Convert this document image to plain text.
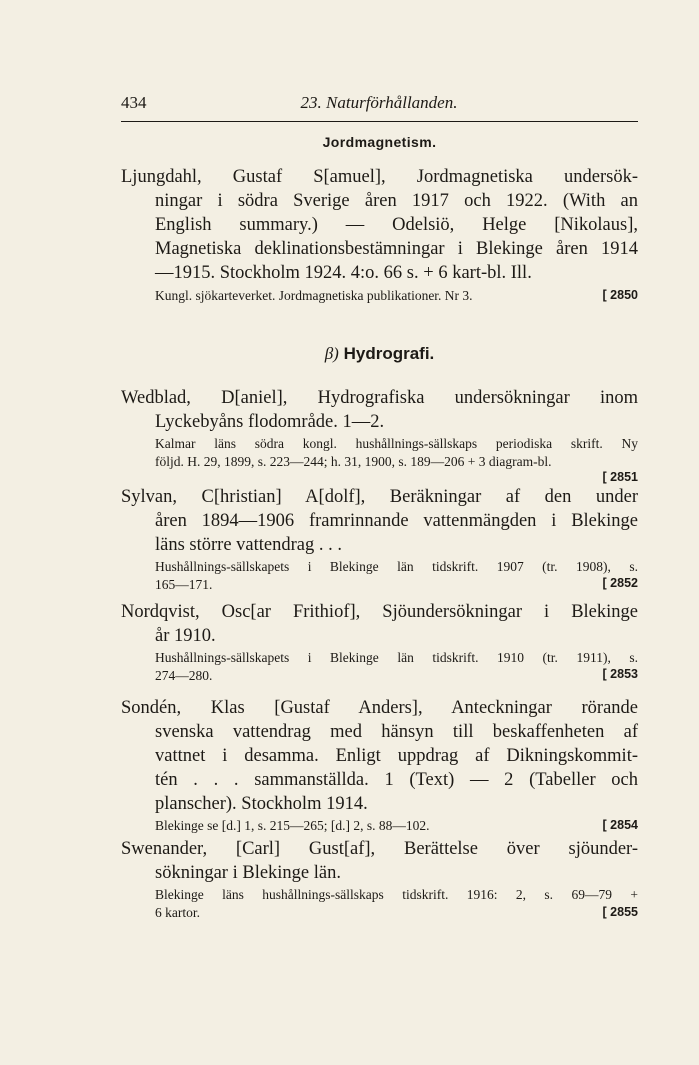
434	23. Naturförhållanden.
Jordmagnetism.
Ljungdahl, Gustaf S[amuel], Jordmagnetiska undersök-
ningar i södra Sverige åren 1917 och 1922. (With an
English summary.) — Odelsiö, Helge [Nikolaus],
Magnetiska deklinationsbestämningar i Blekinge åren 1914
—1915. Stockholm 1924. 4:o. 66 s. + 6 kart-bl. Ill.
Kungl. sjökarteverket. Jordmagnetiska publikationer. Nr 3.	[ 2850
β) Hydrografi.
Wedblad, D[aniel], Hydrografiska undersökningar inom
Lyckebyåns flodområde. 1—2.
Kalmar läns södra kongl. hushållnings-sällskaps periodiska skrift. Ny
följd. H. 29, 1899, s. 223—244; h. 31, 1900, s. 189—206 + 3 diagram-bl.
[ 2851
Sylvan, C[hristian] A[dolf], Beräkningar af den under
åren 1894—1906 framrinnande vattenmängden i Blekinge
läns större vattendrag . . .
Hushållnings-sällskapets i Blekinge län tidskrift. 1907 (tr. 1908), s.
165—171.	[ 2852
Nordqvist, Osc[ar Frithiof], Sjöundersökningar i Blekinge
år 1910.
Hushållnings-sällskapets i Blekinge län tidskrift. 1910 (tr. 1911), s.
274—280.	[ 2853
Sondén, Klas [Gustaf Anders], Anteckningar rörande
svenska vattendrag med hänsyn till beskaffenheten af
vattnet i desamma. Enligt uppdrag af Dikningskommit-
tén . . . sammanställda. 1 (Text) — 2 (Tabeller och
planscher). Stockholm 1914.
Blekinge se [d.] 1, s. 215—265; [d.] 2, s. 88—102.	[ 2854
Swenander, [Carl] Gust[af], Berättelse över sjöunder-
sökningar i Blekinge län.
Blekinge läns hushållnings-sällskaps tidskrift. 1916: 2, s. 69—79 +
6 kartor.	[ 2855
